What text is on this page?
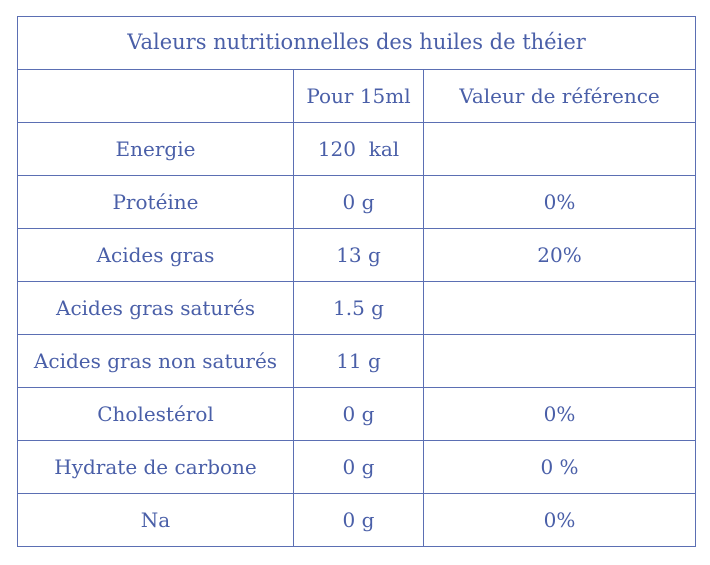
Valeurs nutritionnelles des huiles de théier		
	Pour 15ml	Valeur de référence
Energie	120  kal	
Protéine	0 g	0%
Acides gras	13 g	20%
Acides gras saturés	1.5 g	
Acides gras non saturés	11 g	
Cholestérol	0 g	0%
Hydrate de carbone	0 g	0 %
Na	0 g	0%
